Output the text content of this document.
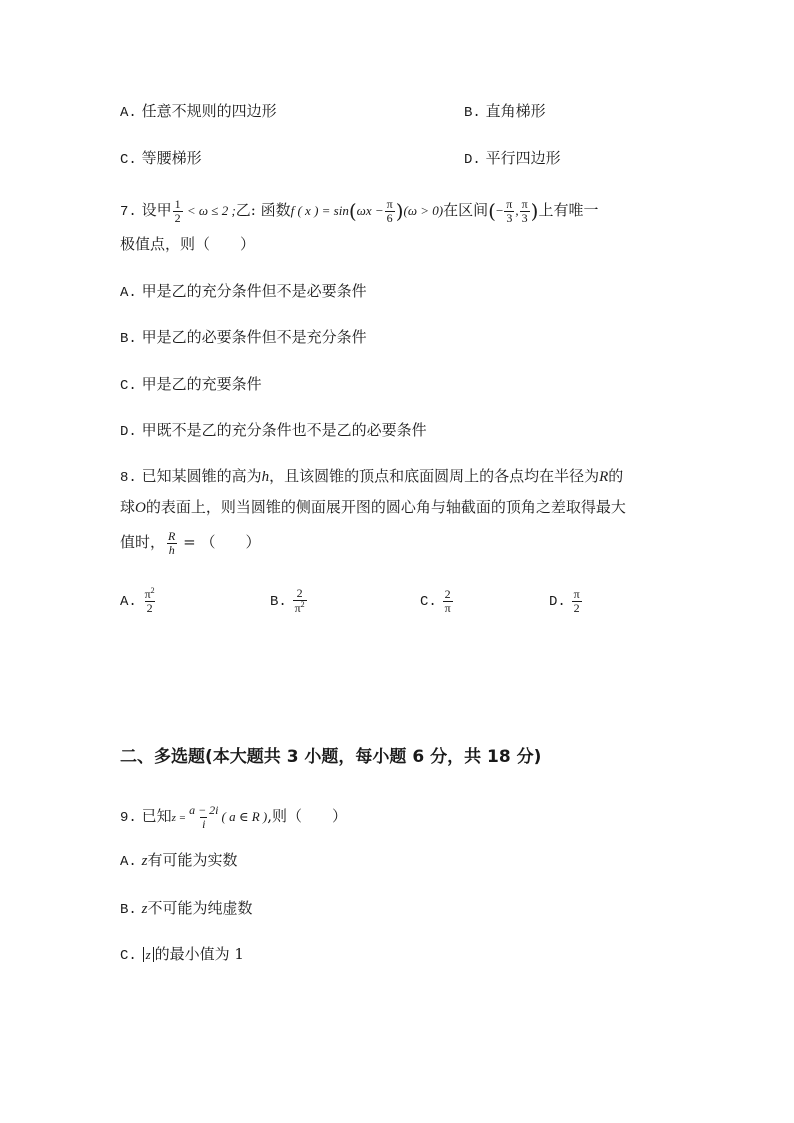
A. 任意不规则的四边形	B. 直角梯形
C. 等腰梯形	D. 平行四边形
7. 设甲 $\frac{1}{2} < \omega \le 2$ ;乙: 函数f ( x ) = $\sin(\omega x - \frac{\pi}{6} )(\omega > 0)$在区间(− $\frac{\pi}{3}$ , $\frac{\pi}{3}$ )上有唯一
极值点，则（　　）
A. 甲是乙的充分条件但不是必要条件
B. 甲是乙的必要条件但不是充分条件
C. 甲是乙的充要条件
D. 甲既不是乙的充分条件也不是乙的必要条件
8. 已知某圆锥的高为h，且该圆锥的顶点和底面圆周上的各点均在半径为R的
球O的表面上，则当圆锥的侧面展开图的圆心角与轴截面的顶角之差取得最大
值时， $\frac{R}{h}$ = （　　）
A. $\frac{\pi^2}{2}$	B. $\frac{2}{\pi^2}$	C. $\frac{2}{\pi}$	D. $\frac{\pi}{2}$
二、多选题(本大题共 3 小题，每小题 6 分，共 18 分)
9. 已知$z = \frac{a - 2i}{i}$ ( a ∈ R ),则（　　）
A. z有可能为实数
B. z不可能为纯虚数
C. z 的最小值为 1
